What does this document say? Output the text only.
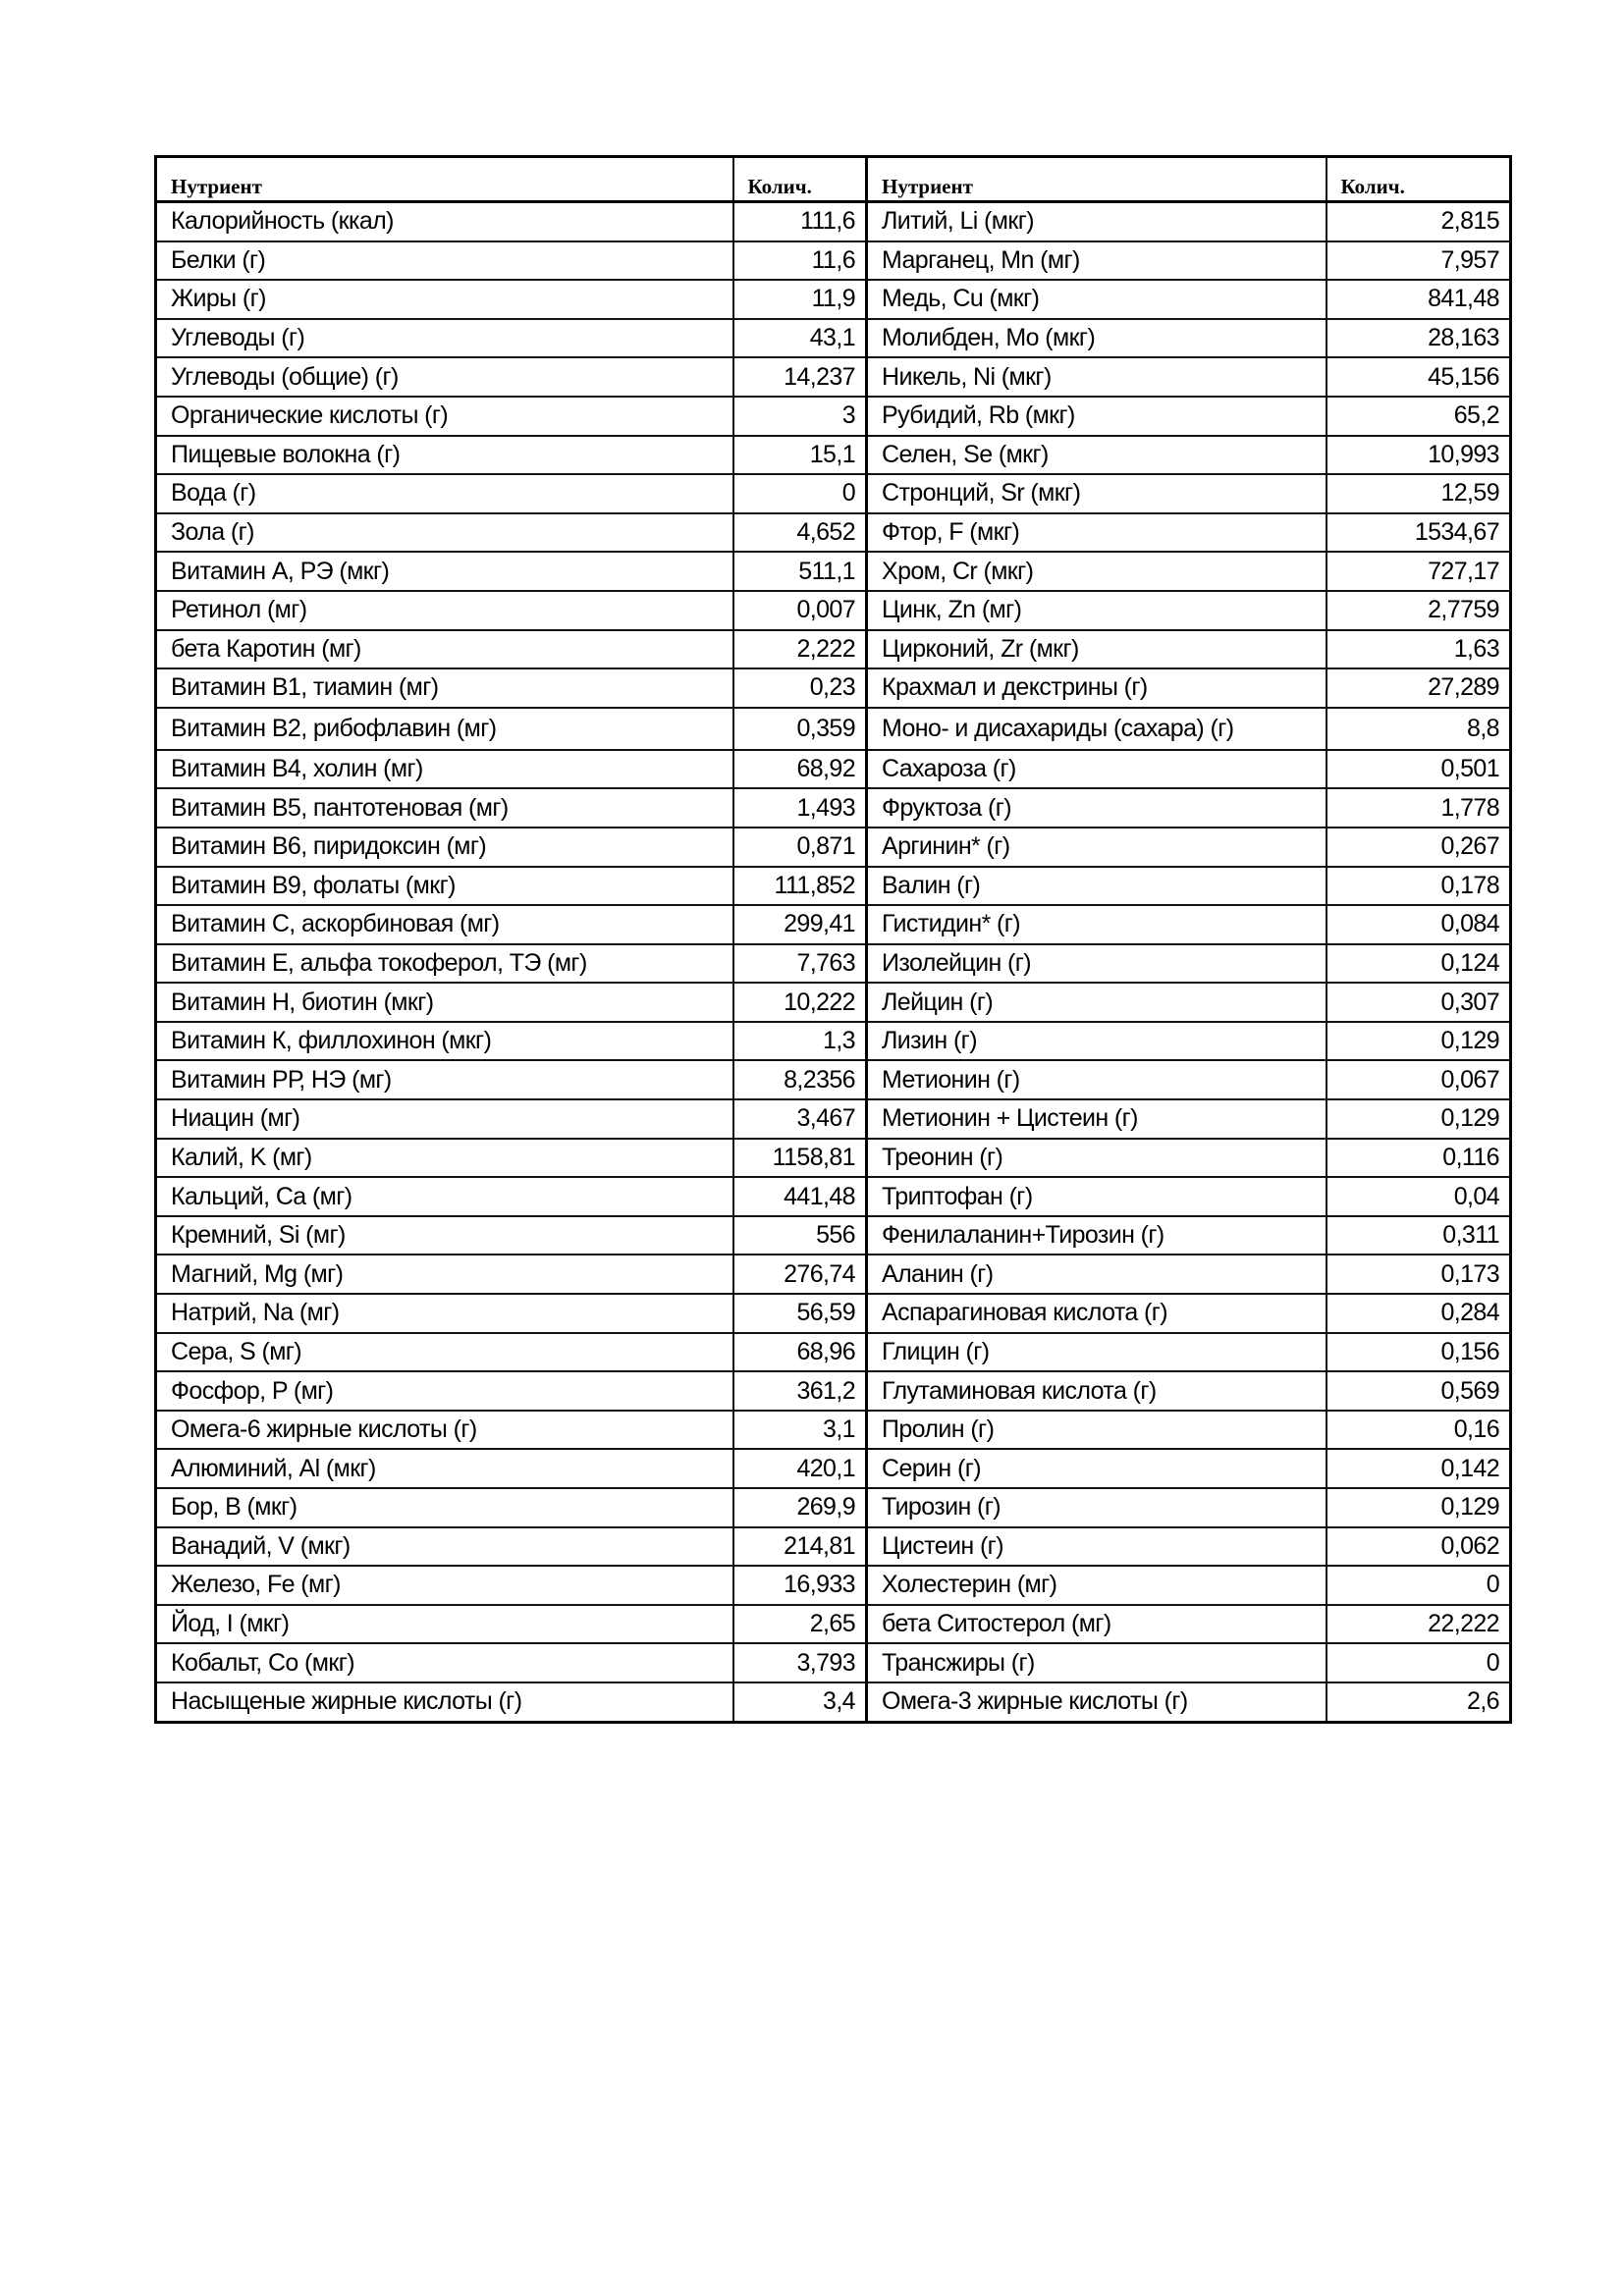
Нутриент	Колич.	Нутриент	Колич.
Калорийность (ккал)	111,6	Литий, Li (мкг)	2,815
Белки (г)	11,6	Марганец, Mn (мг)	7,957
Жиры (г)	11,9	Медь, Cu (мкг)	841,48
Углеводы (г)	43,1	Молибден, Mo (мкг)	28,163
Углеводы (общие) (г)	14,237	Никель, Ni (мкг)	45,156
Органические кислоты (г)	3	Рубидий, Rb (мкг)	65,2
Пищевые волокна (г)	15,1	Селен, Se (мкг)	10,993
Вода (г)	0	Стронций, Sr (мкг)	12,59
Зола (г)	4,652	Фтор, F (мкг)	1534,67
Витамин А, РЭ (мкг)	511,1	Хром, Cr (мкг)	727,17
Ретинол (мг)	0,007	Цинк, Zn (мг)	2,7759
бета Каротин (мг)	2,222	Цирконий, Zr (мкг)	1,63
Витамин В1, тиамин (мг)	0,23	Крахмал и декстрины (г)	27,289
Витамин В2, рибофлавин (мг)	0,359	Моно- и дисахариды (сахара) (г)	8,8
Витамин В4, холин (мг)	68,92	Сахароза (г)	0,501
Витамин В5, пантотеновая (мг)	1,493	Фруктоза (г)	1,778
Витамин В6, пиридоксин (мг)	0,871	Аргинин* (г)	0,267
Витамин В9, фолаты (мкг)	111,852	Валин (г)	0,178
Витамин С, аскорбиновая (мг)	299,41	Гистидин* (г)	0,084
Витамин Е, альфа токоферол, ТЭ (мг)	7,763	Изолейцин (г)	0,124
Витамин Н, биотин (мкг)	10,222	Лейцин (г)	0,307
Витамин К, филлохинон (мкг)	1,3	Лизин (г)	0,129
Витамин РР, НЭ (мг)	8,2356	Метионин (г)	0,067
Ниацин (мг)	3,467	Метионин + Цистеин (г)	0,129
Калий, K (мг)	1158,81	Треонин (г)	0,116
Кальций, Ca (мг)	441,48	Триптофан (г)	0,04
Кремний, Si (мг)	556	Фенилаланин+Тирозин (г)	0,311
Магний, Mg (мг)	276,74	Аланин (г)	0,173
Натрий, Na (мг)	56,59	Аспарагиновая кислота (г)	0,284
Сера, S (мг)	68,96	Глицин (г)	0,156
Фосфор, P (мг)	361,2	Глутаминовая кислота (г)	0,569
Омега-6 жирные кислоты (г)	3,1	Пролин (г)	0,16
Алюминий, Al (мкг)	420,1	Серин (г)	0,142
Бор, B (мкг)	269,9	Тирозин (г)	0,129
Ванадий, V (мкг)	214,81	Цистеин (г)	0,062
Железо, Fe (мг)	16,933	Холестерин (мг)	0
Йод, I (мкг)	2,65	бета Ситостерол (мг)	22,222
Кобальт, Co (мкг)	3,793	Трансжиры (г)	0
Насыщеные жирные кислоты (г)	3,4	Омега-3 жирные кислоты (г)	2,6
